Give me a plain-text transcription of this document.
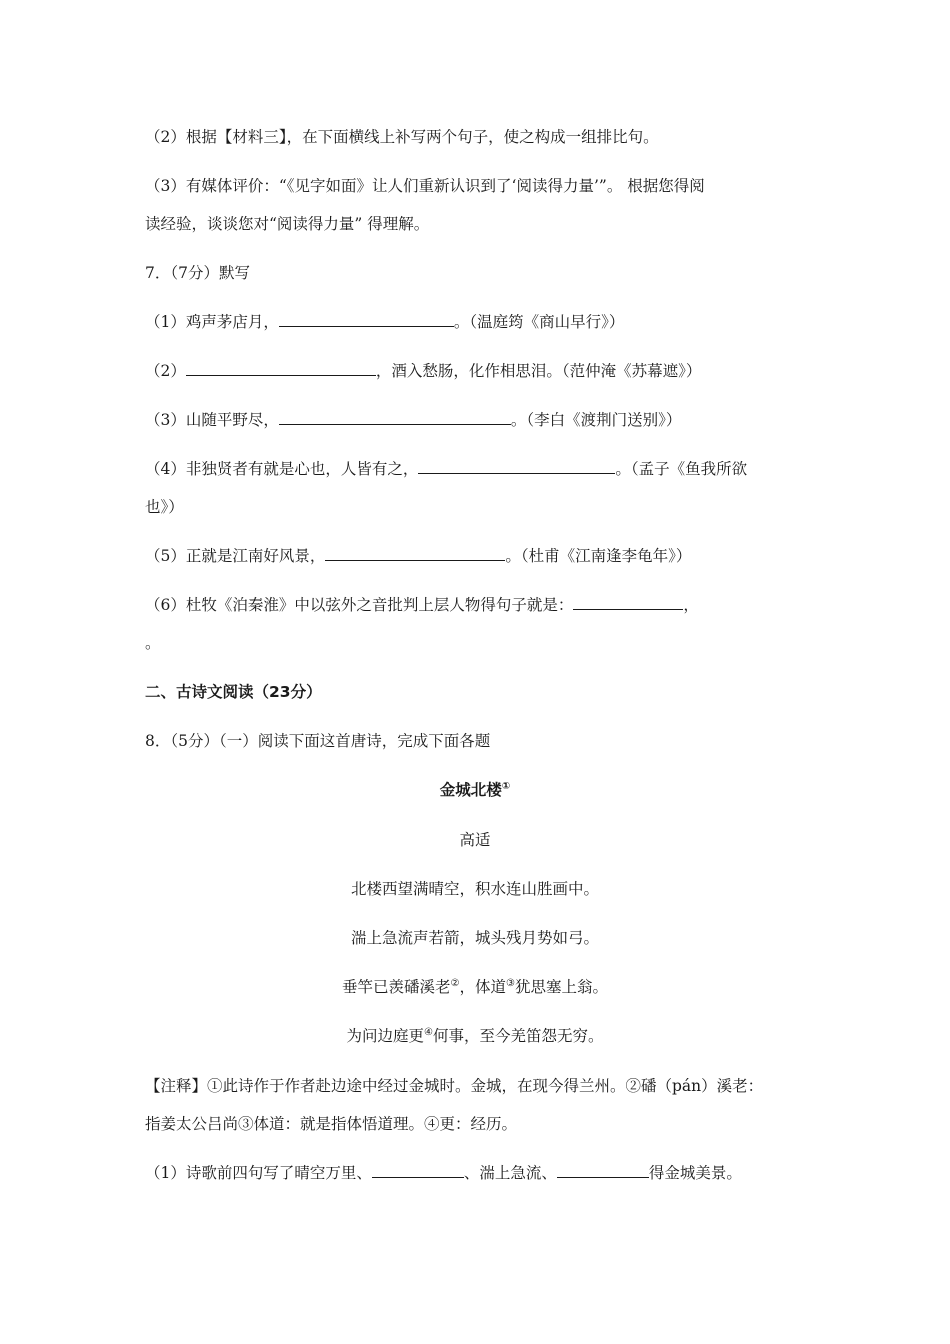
（2）根据【材料三】，在下面横线上补写两个句子，使之构成一组排比句。
（3）有媒体评价：“《见字如面》让人们重新认识到了‘阅读得力量’”。 根据您得阅
读经验，谈谈您对“阅读得力量” 得理解。
7．（7分）默写
（1）鸡声茅店月，	。（温庭筠《商山早行》）
（2）	，酒入愁肠，化作相思泪。（范仲淹《苏幕遮》）
（3）山随平野尽，	。（李白《渡荆门送别》）
（4）非独贤者有就是心也，人皆有之，	。（孟子《鱼我所欲
也》）
（5）正就是江南好风景，	。（杜甫《江南逢李龟年》）
（6）杜牧《泊秦淮》中以弦外之音批判上层人物得句子就是：	，
。
二、古诗文阅读（23分）
8．（5分）（一）阅读下面这首唐诗，完成下面各题
金城北楼①
高适
北楼西望满晴空，积水连山胜画中。
湍上急流声若箭，城头残月势如弓。
垂竿已羡磻溪老②，体道③犹思塞上翁。
为问边庭更④何事，至今羌笛怨无穷。
【注释】①此诗作于作者赴边途中经过金城时。金城，在现今得兰州。②磻（pán）溪老：
指姜太公吕尚③体道：就是指体悟道理。④更：经历。
（1）诗歌前四句写了晴空万里、	、湍上急流、	得金城美景。
